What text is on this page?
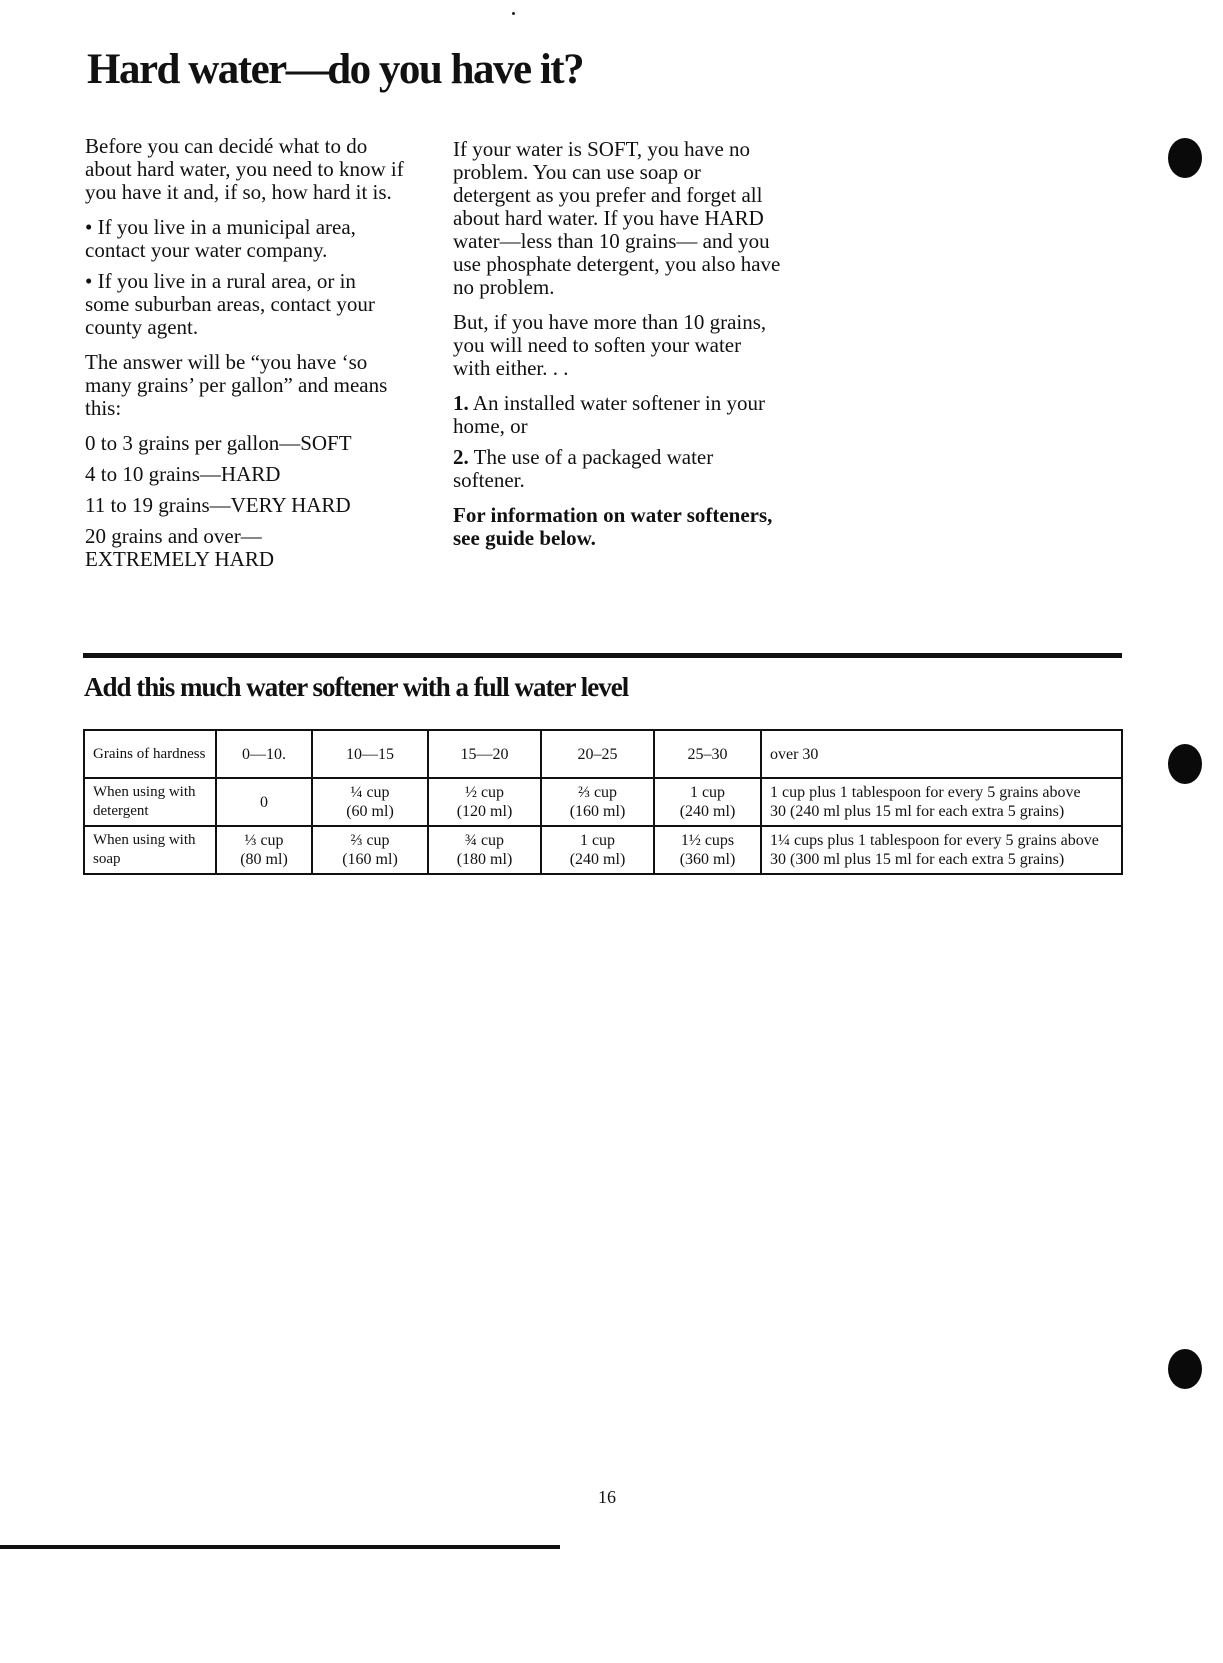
Hard water—do you have it?

Before you can decidé what to do about hard water, you need to know if you have it and, if so, how hard it is.

• If you live in a municipal area, contact your water company.

• If you live in a rural area, or in some suburban areas, contact your county agent.

The answer will be “you have ‘so many grains’ per gallon” and means this:

0 to 3 grains per gallon—SOFT

4 to 10 grains—HARD

11 to 19 grains—VERY HARD

20 grains and over— EXTREMELY HARD

If your water is SOFT, you have no problem. You can use soap or detergent as you prefer and forget all about hard water. If you have HARD water—less than 10 grains— and you use phosphate detergent, you also have no problem.

But, if you have more than 10 grains, you will need to soften your water with either. . .

1. An installed water softener in your home, or

2. The use of a packaged water softener.

For information on water softeners, see guide below.

Add this much water softener with a full water level
Grains of hardness	0—10.	10—15	15—20	20–25	25–30	over 30
When using with detergent	0	¼ cup
(60 ml)	½ cup
(120 ml)	⅔ cup
(160 ml)	1 cup
(240 ml)	1 cup plus 1 tablespoon for every 5 grains above
30 (240 ml plus 15 ml for each extra 5 grains)

When using with soap	⅓ cup
(80 ml)	⅔ cup
(160 ml)	¾ cup
(180 ml)	1 cup
(240 ml)	1½ cups
(360 ml)	1¼ cups plus 1 tablespoon for every 5 grains above
30 (300 ml plus 15 ml for each extra 5 grains)
16
